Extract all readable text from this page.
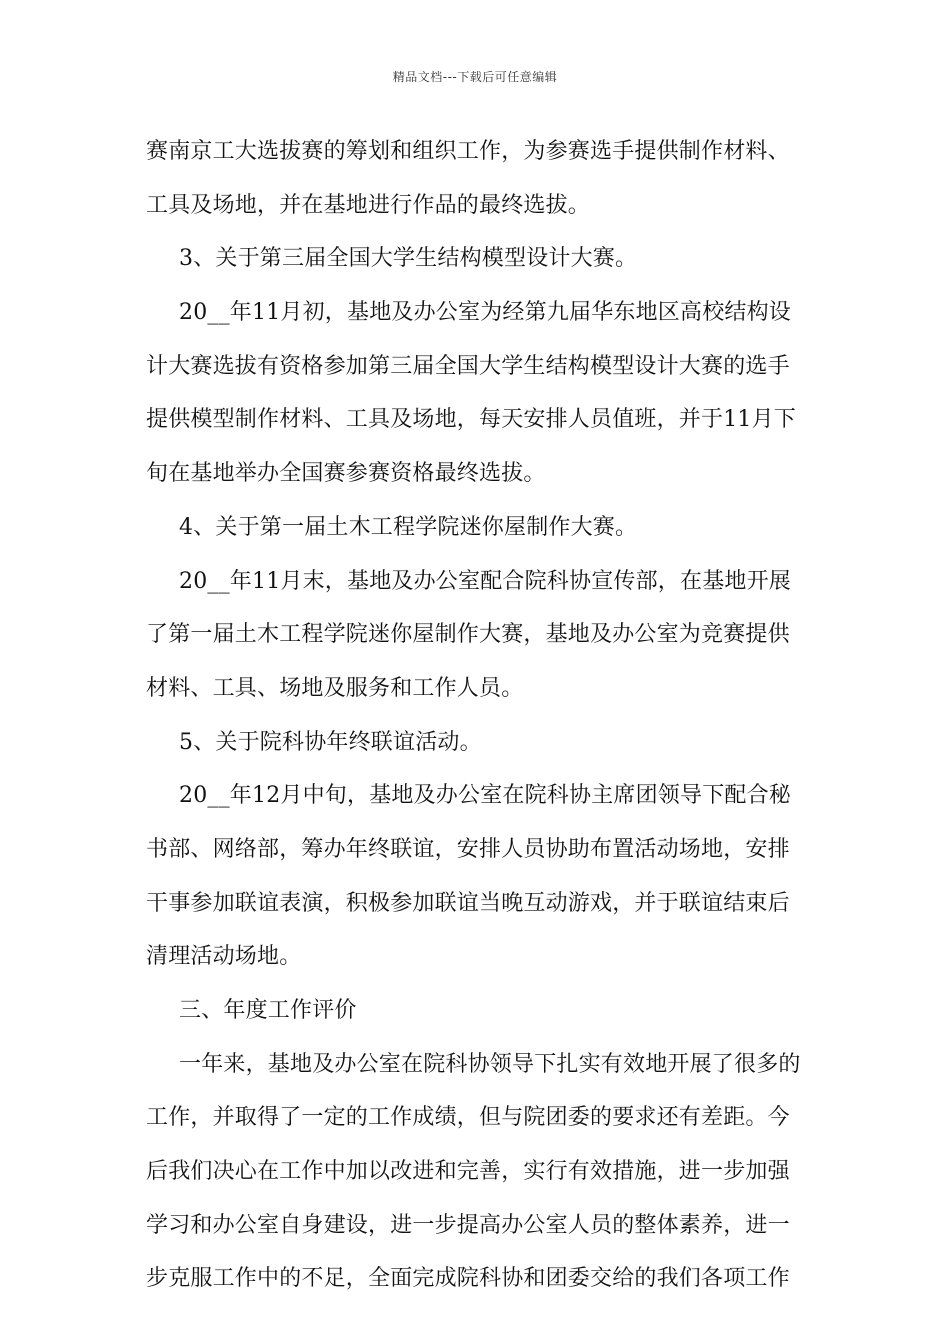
精品文档---下载后可任意编辑
赛南京工大选拔赛的筹划和组织工作，为参赛选手提供制作材料、
工具及场地，并在基地进行作品的最终选拔。
3、关于第三届全国大学生结构模型设计大赛。
20__年11月初，基地及办公室为经第九届华东地区高校结构设
计大赛选拔有资格参加第三届全国大学生结构模型设计大赛的选手
提供模型制作材料、工具及场地，每天安排人员值班，并于11月下
旬在基地举办全国赛参赛资格最终选拔。
4、关于第一届土木工程学院迷你屋制作大赛。
20__年11月末，基地及办公室配合院科协宣传部，在基地开展
了第一届土木工程学院迷你屋制作大赛，基地及办公室为竞赛提供
材料、工具、场地及服务和工作人员。
5、关于院科协年终联谊活动。
20__年12月中旬，基地及办公室在院科协主席团领导下配合秘
书部、网络部，筹办年终联谊，安排人员协助布置活动场地，安排
干事参加联谊表演，积极参加联谊当晚互动游戏，并于联谊结束后
清理活动场地。
三、年度工作评价
一年来，基地及办公室在院科协领导下扎实有效地开展了很多的
工作，并取得了一定的工作成绩，但与院团委的要求还有差距。今
后我们决心在工作中加以改进和完善，实行有效措施，进一步加强
学习和办公室自身建设，进一步提高办公室人员的整体素养，进一
步克服工作中的不足，全面完成院科协和团委交给的我们各项工作
